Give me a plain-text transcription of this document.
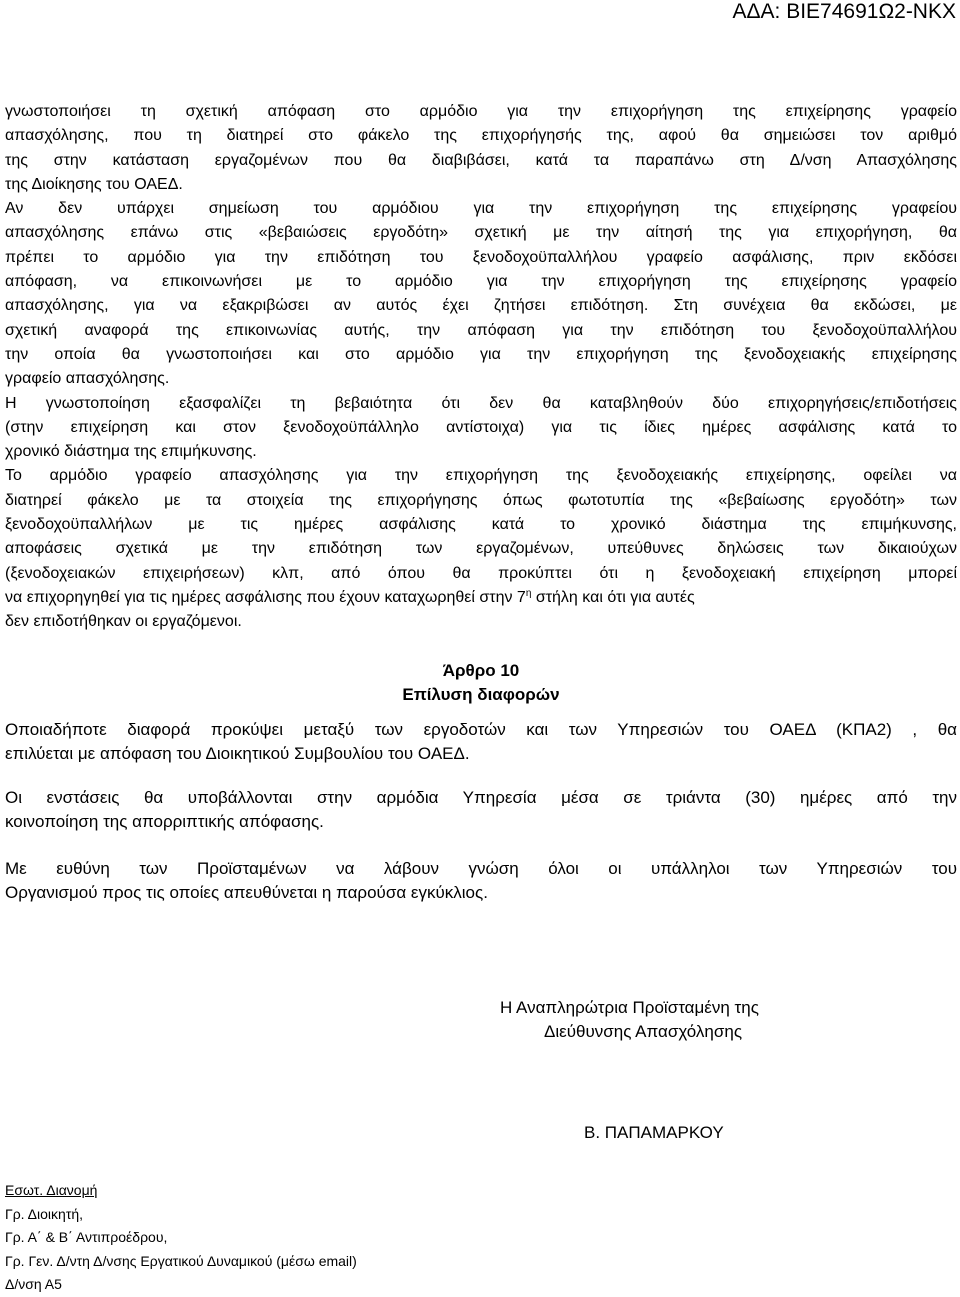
ΑΔΑ: ΒΙΕ74691Ω2-ΝΚΧ
γνωστοποιήσει τη σχετική απόφαση στο αρμόδιο για την επιχορήγηση της επιχείρησης γραφείο
απασχόλησης, που τη διατηρεί στο φάκελο της επιχορήγησής της, αφού θα σημειώσει τον αριθμό
της στην κατάσταση εργαζομένων που θα διαβιβάσει, κατά τα παραπάνω στη Δ/νση Απασχόλησης
της Διοίκησης του ΟΑΕΔ.
Αν δεν υπάρχει σημείωση του αρμόδιου για την επιχορήγηση της επιχείρησης γραφείου
απασχόλησης επάνω στις «βεβαιώσεις εργοδότη» σχετική με την αίτησή της για επιχορήγηση, θα
πρέπει το αρμόδιο για την επιδότηση του ξενοδοχοϋπαλλήλου γραφείο ασφάλισης, πριν εκδόσει
απόφαση, να επικοινωνήσει με το αρμόδιο για την επιχορήγηση της επιχείρησης γραφείο
απασχόλησης, για να εξακριβώσει αν αυτός έχει ζητήσει επιδότηση. Στη συνέχεια θα εκδώσει, με
σχετική αναφορά της επικοινωνίας αυτής, την απόφαση για την επιδότηση του ξενοδοχοϋπαλλήλου
την οποία θα γνωστοποιήσει και στο αρμόδιο για την επιχορήγηση της ξενοδοχειακής επιχείρησης
γραφείο απασχόλησης.
Η γνωστοποίηση εξασφαλίζει τη βεβαιότητα ότι δεν θα καταβληθούν δύο επιχορηγήσεις/επιδοτήσεις
(στην επιχείρηση και στον ξενοδοχοϋπάλληλο αντίστοιχα) για τις ίδιες ημέρες ασφάλισης κατά το
χρονικό διάστημα της επιμήκυνσης.
Το αρμόδιο γραφείο απασχόλησης για την επιχορήγηση της ξενοδοχειακής επιχείρησης, οφείλει να
διατηρεί φάκελο με τα στοιχεία της επιχορήγησης όπως φωτοτυπία της «βεβαίωσης εργοδότη» των
ξενοδοχοϋπαλλήλων με τις ημέρες ασφάλισης κατά το χρονικό διάστημα της επιμήκυνσης,
αποφάσεις σχετικά με την επιδότηση των εργαζομένων, υπεύθυνες δηλώσεις των δικαιούχων
(ξενοδοχειακών επιχειρήσεων) κλπ, από όπου θα προκύπτει ότι η ξενοδοχειακή επιχείρηση μπορεί
να επιχορηγηθεί για τις ημέρες ασφάλισης που έχουν καταχωρηθεί στην $7^\eta$ στήλη και ότι για αυτές
δεν επιδοτήθηκαν οι εργαζόμενοι.
Άρθρο 10
Επίλυση διαφορών
Οποιαδήποτε διαφορά προκύψει μεταξύ των εργοδοτών και των Υπηρεσιών του ΟΑΕΔ (ΚΠΑ2) , θα
επιλύεται με απόφαση του Διοικητικού Συμβουλίου του ΟΑΕΔ.
Οι ενστάσεις θα υποβάλλονται στην αρμόδια Υπηρεσία μέσα σε τριάντα (30) ημέρες από την
κοινοποίηση της απορριπτικής απόφασης.
Με ευθύνη των Προϊσταμένων να λάβουν γνώση όλοι οι υπάλληλοι των Υπηρεσιών του
Οργανισμού προς τις οποίες απευθύνεται η παρούσα εγκύκλιος.
Η Αναπληρώτρια Προϊσταμένη της
Διεύθυνσης Απασχόλησης
Β. ΠΑΠΑΜΑΡΚΟΥ
Εσωτ. Διανομή
Γρ. Διοικητή,
Γρ. Α΄ & Β΄ Αντιπροέδρου,
Γρ. Γεν. Δ/ντη Δ/νσης Εργατικού Δυναμικού (μέσω email)
Δ/νση Α5
